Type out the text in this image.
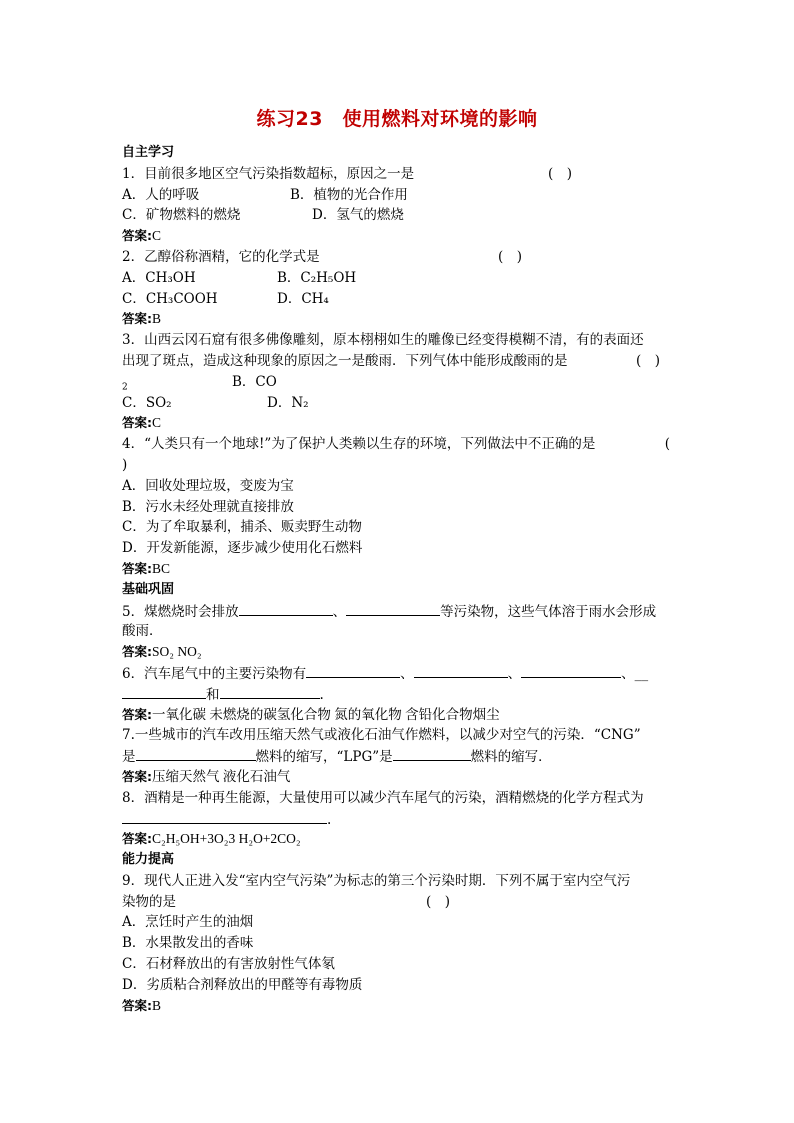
练习23　使用燃料对环境的影响
自主学习
1．目前很多地区空气污染指数超标，原因之一是	(　)
A．人的呼吸	B．植物的光合作用
C．矿物燃料的燃烧	D．氢气的燃烧
答案:C
2．乙醇俗称酒精，它的化学式是	(　)
A．CH₃OH	B．C₂H₅OH
C．CH₃COOH	D．CH₄
答案:B
3．山西云冈石窟有很多佛像雕刻，原本栩栩如生的雕像已经变得模糊不清，有的表面还
出现了斑点，造成这种现象的原因之一是酸雨．下列气体中能形成酸雨的是	(　)
$_2$	B．CO
C．SO₂	D．N₂
答案:C
4．“人类只有一个地球!”为了保护人类赖以生存的环境，下列做法中不正确的是	(
)
A．回收处理垃圾，变废为宝
B．污水未经处理就直接排放
C．为了牟取暴利，捕杀、贩卖野生动物
D．开发新能源，逐步减少使用化石燃料
答案:BC
基础巩固
5．煤燃烧时会排放	、	等污染物，这些气体溶于雨水会形成
酸雨．
答案:SO₂ NO₂
6．汽车尾气中的主要污染物有	、	、	、__
和	.
答案:一氧化碳 未燃烧的碳氢化合物 氮的氧化物 含铅化合物烟尘
7.一些城市的汽车改用压缩天然气或液化石油气作燃料，以减少对空气的污染．“CNG”
是	燃料的缩写，“LPG”是	燃料的缩写．
答案:压缩天然气 液化石油气
8．酒精是一种再生能源，大量使用可以减少汽车尾气的污染，酒精燃烧的化学方程式为
.
答案:C₂H₅OH+3O₂3 H₂O+2CO₂
能力提高
9．现代人正进入发“室内空气污染”为标志的第三个污染时期．下列不属于室内空气污
染物的是	(　)
A．烹饪时产生的油烟
B．水果散发出的香味
C．石材释放出的有害放射性气体氡
D．劣质粘合剂释放出的甲醛等有毒物质
答案:B
